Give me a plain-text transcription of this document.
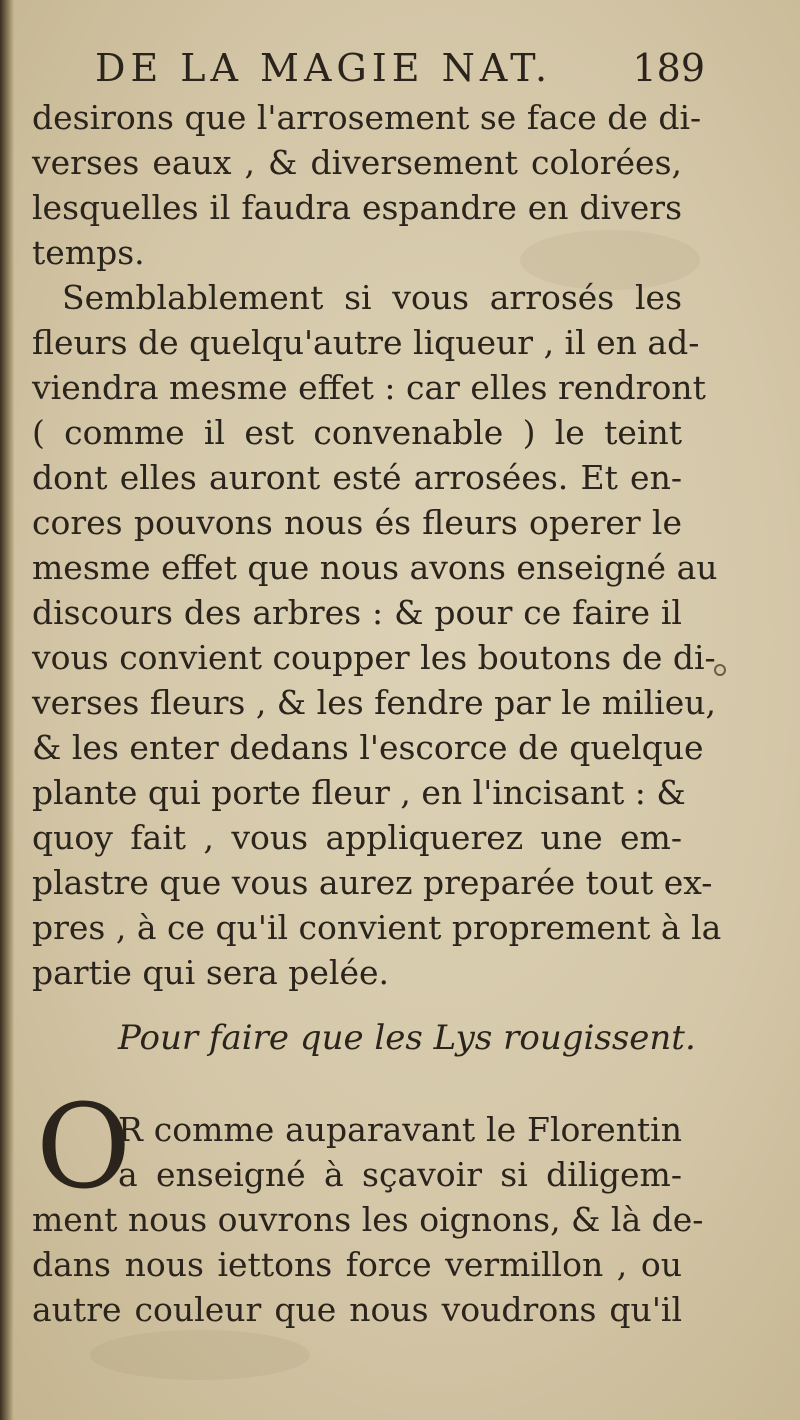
DE LA MAGIE NAT. 189
desirons que l'arrosement se face de di-
verses eaux , & diversement colorées,
lesquelles il faudra espandre en divers
temps.
Semblablement si vous arrosés les
fleurs de quelqu'autre liqueur , il en ad-
viendra mesme effet : car elles rendront
( comme il est convenable ) le teint
dont elles auront esté arrosées. Et en-
cores pouvons nous és fleurs operer le
mesme effet que nous avons enseigné au
discours des arbres : & pour ce faire il
vous convient coupper les boutons de di-
verses fleurs , & les fendre par le milieu,
& les enter dedans l'escorce de quelque
plante qui porte fleur , en l'incisant : &
quoy fait , vous appliquerez une em-
plastre que vous aurez preparée tout ex-
pres , à ce qu'il convient proprement à la
partie qui sera pelée.
Pour faire que les Lys rougissent.
O
R comme auparavant le Florentin
a enseigné à sçavoir si diligem-
ment nous ouvrons les oignons, & là de-
dans nous iettons force vermillon , ou
autre couleur que nous voudrons qu'il
